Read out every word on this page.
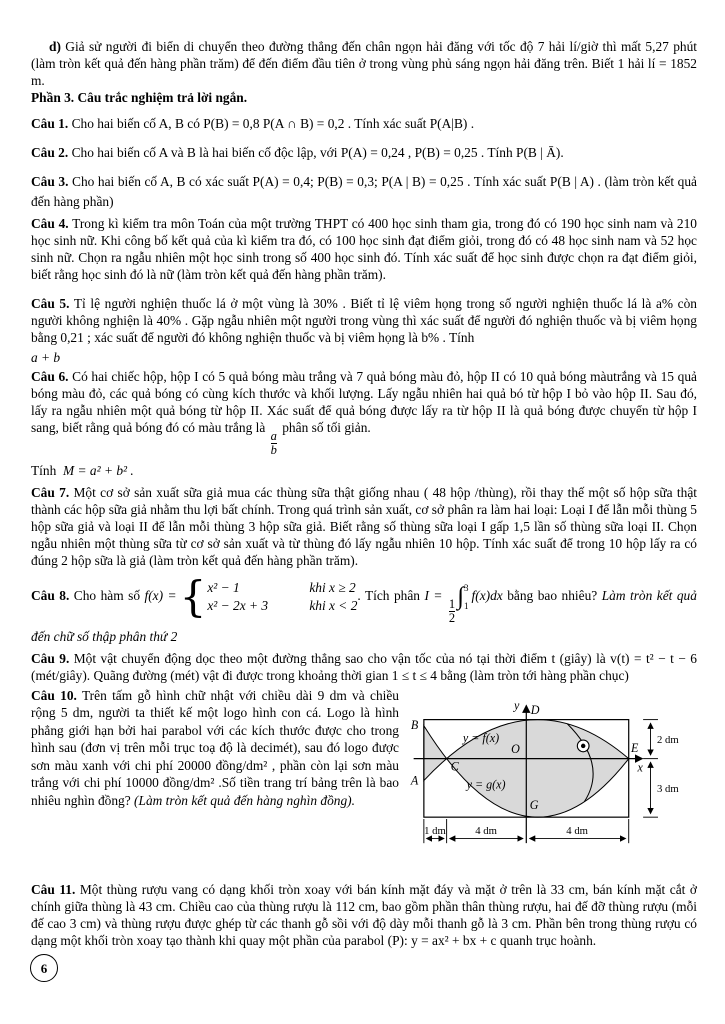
d) Giả sử người đi biển di chuyển theo đường thẳng đến chân ngọn hải đăng với tốc độ 7 hải lí/giờ thì mất 5,27 phút (làm tròn kết quả đến hàng phần trăm) để đến điểm đầu tiên ở trong vùng phủ sáng ngọn hải đăng trên. Biết 1 hải lí = 1852 m.

Phần 3. Câu trắc nghiệm trả lời ngắn.

Câu 1. Cho hai biến cố A, B có P(B) = 0,8 P(A ∩ B) = 0,2 . Tính xác suất P(A|B) .

Câu 2. Cho hai biến cố A và B là hai biến cố độc lập, với P(A) = 0,24 , P(B) = 0,25 . Tính P(B | Ā).

Câu 3. Cho hai biến cố A, B có xác suất P(A) = 0,4; P(B) = 0,3; P(A | B) = 0,25 . Tính xác suất P(B | A) . (làm tròn kết quả đến hàng phần)

Câu 4. Trong kì kiểm tra môn Toán của một trường THPT có 400 học sinh tham gia, trong đó có 190 học sinh nam và 210 học sinh nữ. Khi công bố kết quả của kì kiểm tra đó, có 100 học sinh đạt điểm giỏi, trong đó có 48 học sinh nam và 52 học sinh nữ. Chọn ra ngẫu nhiên một học sinh trong số 400 học sinh đó. Tính xác suất để học sinh được chọn ra đạt điểm giỏi, biết rằng học sinh đó là nữ (làm tròn kết quả đến hàng phần trăm).

Câu 5. Tỉ lệ người nghiện thuốc lá ở một vùng là 30% . Biết tỉ lệ viêm họng trong số người nghiện thuốc lá là a% còn người không nghiện là 40% . Gặp ngẫu nhiên một người trong vùng thì xác suất để người đó nghiện thuốc và bị viêm họng bằng 0,21 ; xác suất để người đó không nghiện thuốc và bị viêm họng là b% . Tính

a + b

Câu 6. Có hai chiếc hộp, hộp I có 5 quả bóng màu trắng và 7 quả bóng màu đỏ, hộp II có 10 quả bóng màutrắng và 15 quả bóng màu đỏ, các quả bóng có cùng kích thước và khối lượng. Lấy ngẫu nhiên hai quả bó từ hộp I bỏ vào hộp II. Sau đó, lấy ra ngẫu nhiên một quả bóng từ hộp II. Xác suất để quả bóng được lấy ra từ hộp II là quả bóng được chuyển từ hộp I sang, biết rằng quả bóng đó có màu trắng là
$\frac{a}{b}$
phân số tối giản.

Tính M = a² + b² .

Câu 7. Một cơ sở sản xuất sữa giả mua các thùng sữa thật giống nhau ( 48 hộp /thùng), rồi thay thế một số hộp sữa thật thành các hộp sữa giả nhằm thu lợi bất chính. Trong quá trình sản xuất, cơ sở phân ra làm hai loại: Loại I để lẫn mỗi thùng 5 hộp sữa giả và loại II để lẫn mỗi thùng 3 hộp sữa giả. Biết rằng số thùng sữa loại I gấp 1,5 lần số thùng sữa loại II. Chọn ngẫu nhiên một thùng sữa từ cơ sở sản xuất và từ thùng đó lấy ngẫu nhiên 10 hộp. Tính xác suất để trong 10 hộp lấy ra có đúng 2 hộp sữa là giả (làm tròn kết quả đến hàng phần trăm).

Câu 8. Cho hàm số f(x) ={ x² − 1	khi x ≥ 2
x² − 2x + 3	khi x < 2
. Tích phân I =
$\frac{1}{2}$
∫ 3
1
f(x)dx bằng bao nhiêu? Làm tròn kết quả đến chữ số thập phân thứ 2

Câu 9. Một vật chuyển động dọc theo một đường thẳng sao cho vận tốc của nó tại thời điểm t (giây) là v(t) = t² − t − 6 (mét/giây). Quãng đường (mét) vật đi được trong khoảng thời gian 1 ≤ t ≤ 4 bằng (làm tròn tới hàng phần chục)

Câu 10. Trên tấm gỗ hình chữ nhật với chiều dài 9 dm và chiều rộng 5 dm, người ta thiết kế một logo hình con cá. Logo là hình phẳng giới hạn bởi hai parabol với các kích thước được cho trong hình sau (đơn vị trên mỗi trục toạ độ là decimét), sau đó logo được sơn màu xanh với chi phí 20000 đồng/dm² , phần còn lại sơn màu trắng với chi phí 10000 đồng/dm² .Số tiền trang trí bảng trên là bao nhiêu nghìn đồng? (Làm tròn kết quả đến hàng nghìn đồng).

y
x
B
A
C
D
O	E
G
y = f(x)
y = g(x)
2 dm
3 dm
1 dm	4 dm	4 dm

Câu 11. Một thùng rượu vang có dạng khối tròn xoay với bán kính mặt đáy và mặt ở trên là 33 cm, bán kính mặt cắt ở chính giữa thùng là 43 cm. Chiều cao của thùng rượu là 112 cm, bao gồm phần thân thùng rượu, hai đế đỡ thùng rượu (mỗi đế cao 3 cm) và thùng rượu được ghép từ các thanh gỗ sồi với độ dày mỗi thanh gỗ là 3 cm. Phần bên trong thùng rượu có dạng một khối tròn xoay tạo thành khi quay một phần của parabol (P): y = ax² + bx + c quanh trục hoành.

6
